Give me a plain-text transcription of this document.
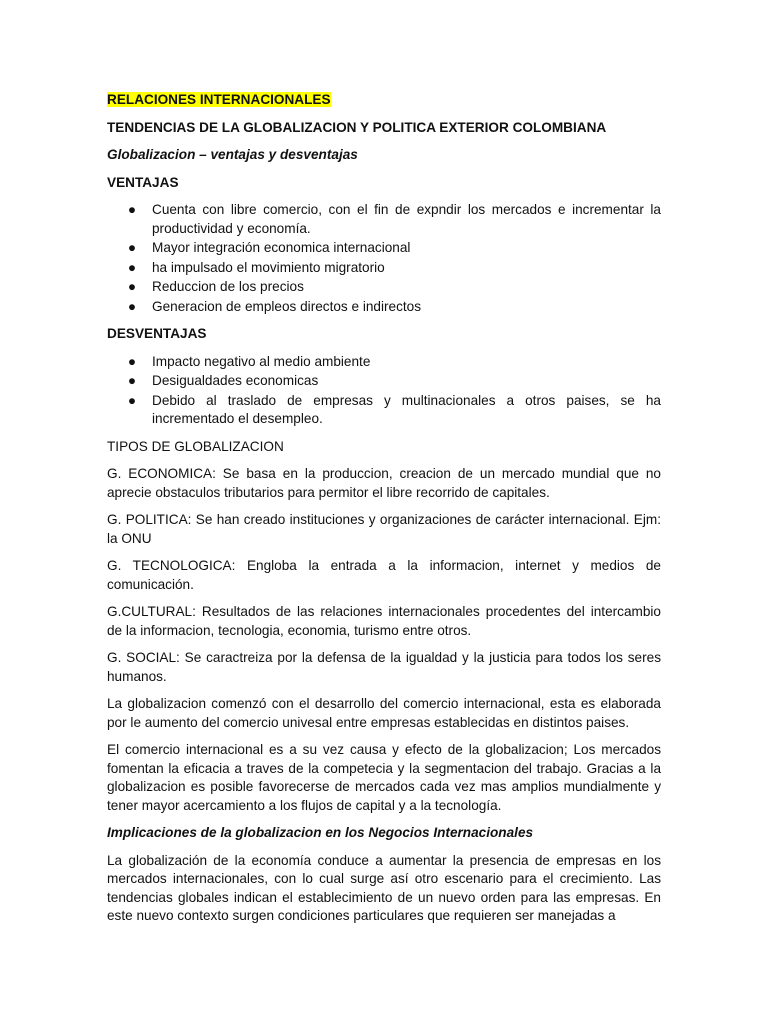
RELACIONES INTERNACIONALES

TENDENCIAS DE LA GLOBALIZACION Y POLITICA EXTERIOR COLOMBIANA

Globalizacion – ventajas y desventajas

VENTAJAS

● Cuenta con libre comercio, con el fin de expndir los mercados e incrementar la productividad y economía.
● Mayor integración economica internacional
● ha impulsado el movimiento migratorio
● Reduccion de los precios
● Generacion de empleos directos e indirectos

DESVENTAJAS

● Impacto negativo al medio ambiente
● Desigualdades economicas
● Debido al traslado de empresas y multinacionales a otros paises, se ha incrementado el desempleo.

TIPOS DE GLOBALIZACION

G. ECONOMICA: Se basa en la produccion, creacion de un mercado mundial que no aprecie obstaculos tributarios para permitor el libre recorrido de capitales.

G. POLITICA: Se han creado instituciones y organizaciones de carácter internacional. Ejm: la ONU

G. TECNOLOGICA: Engloba la entrada a la informacion, internet y medios de comunicación.

G.CULTURAL: Resultados de las relaciones internacionales procedentes del intercambio de la informacion, tecnologia, economia, turismo entre otros.

G. SOCIAL: Se caractreiza por la defensa de la igualdad y la justicia para todos los seres humanos.

La globalizacion comenzó con el desarrollo del comercio internacional, esta es elaborada por le aumento del comercio univesal entre empresas establecidas en distintos paises.

El comercio internacional es a su vez causa y efecto de la globalizacion; Los mercados fomentan la eficacia a traves de la competecia y la segmentacion del trabajo. Gracias a la globalizacion es posible favorecerse de mercados cada vez mas amplios mundialmente y tener mayor acercamiento a los flujos de capital y a la tecnología.

Implicaciones de la globalizacion en los Negocios Internacionales

La globalización de la economía conduce a aumentar la presencia de empresas en los mercados internacionales, con lo cual surge así otro escenario para el crecimiento. Las tendencias globales indican el establecimiento de un nuevo orden para las empresas. En este nuevo contexto surgen condiciones particulares que requieren ser manejadas a
